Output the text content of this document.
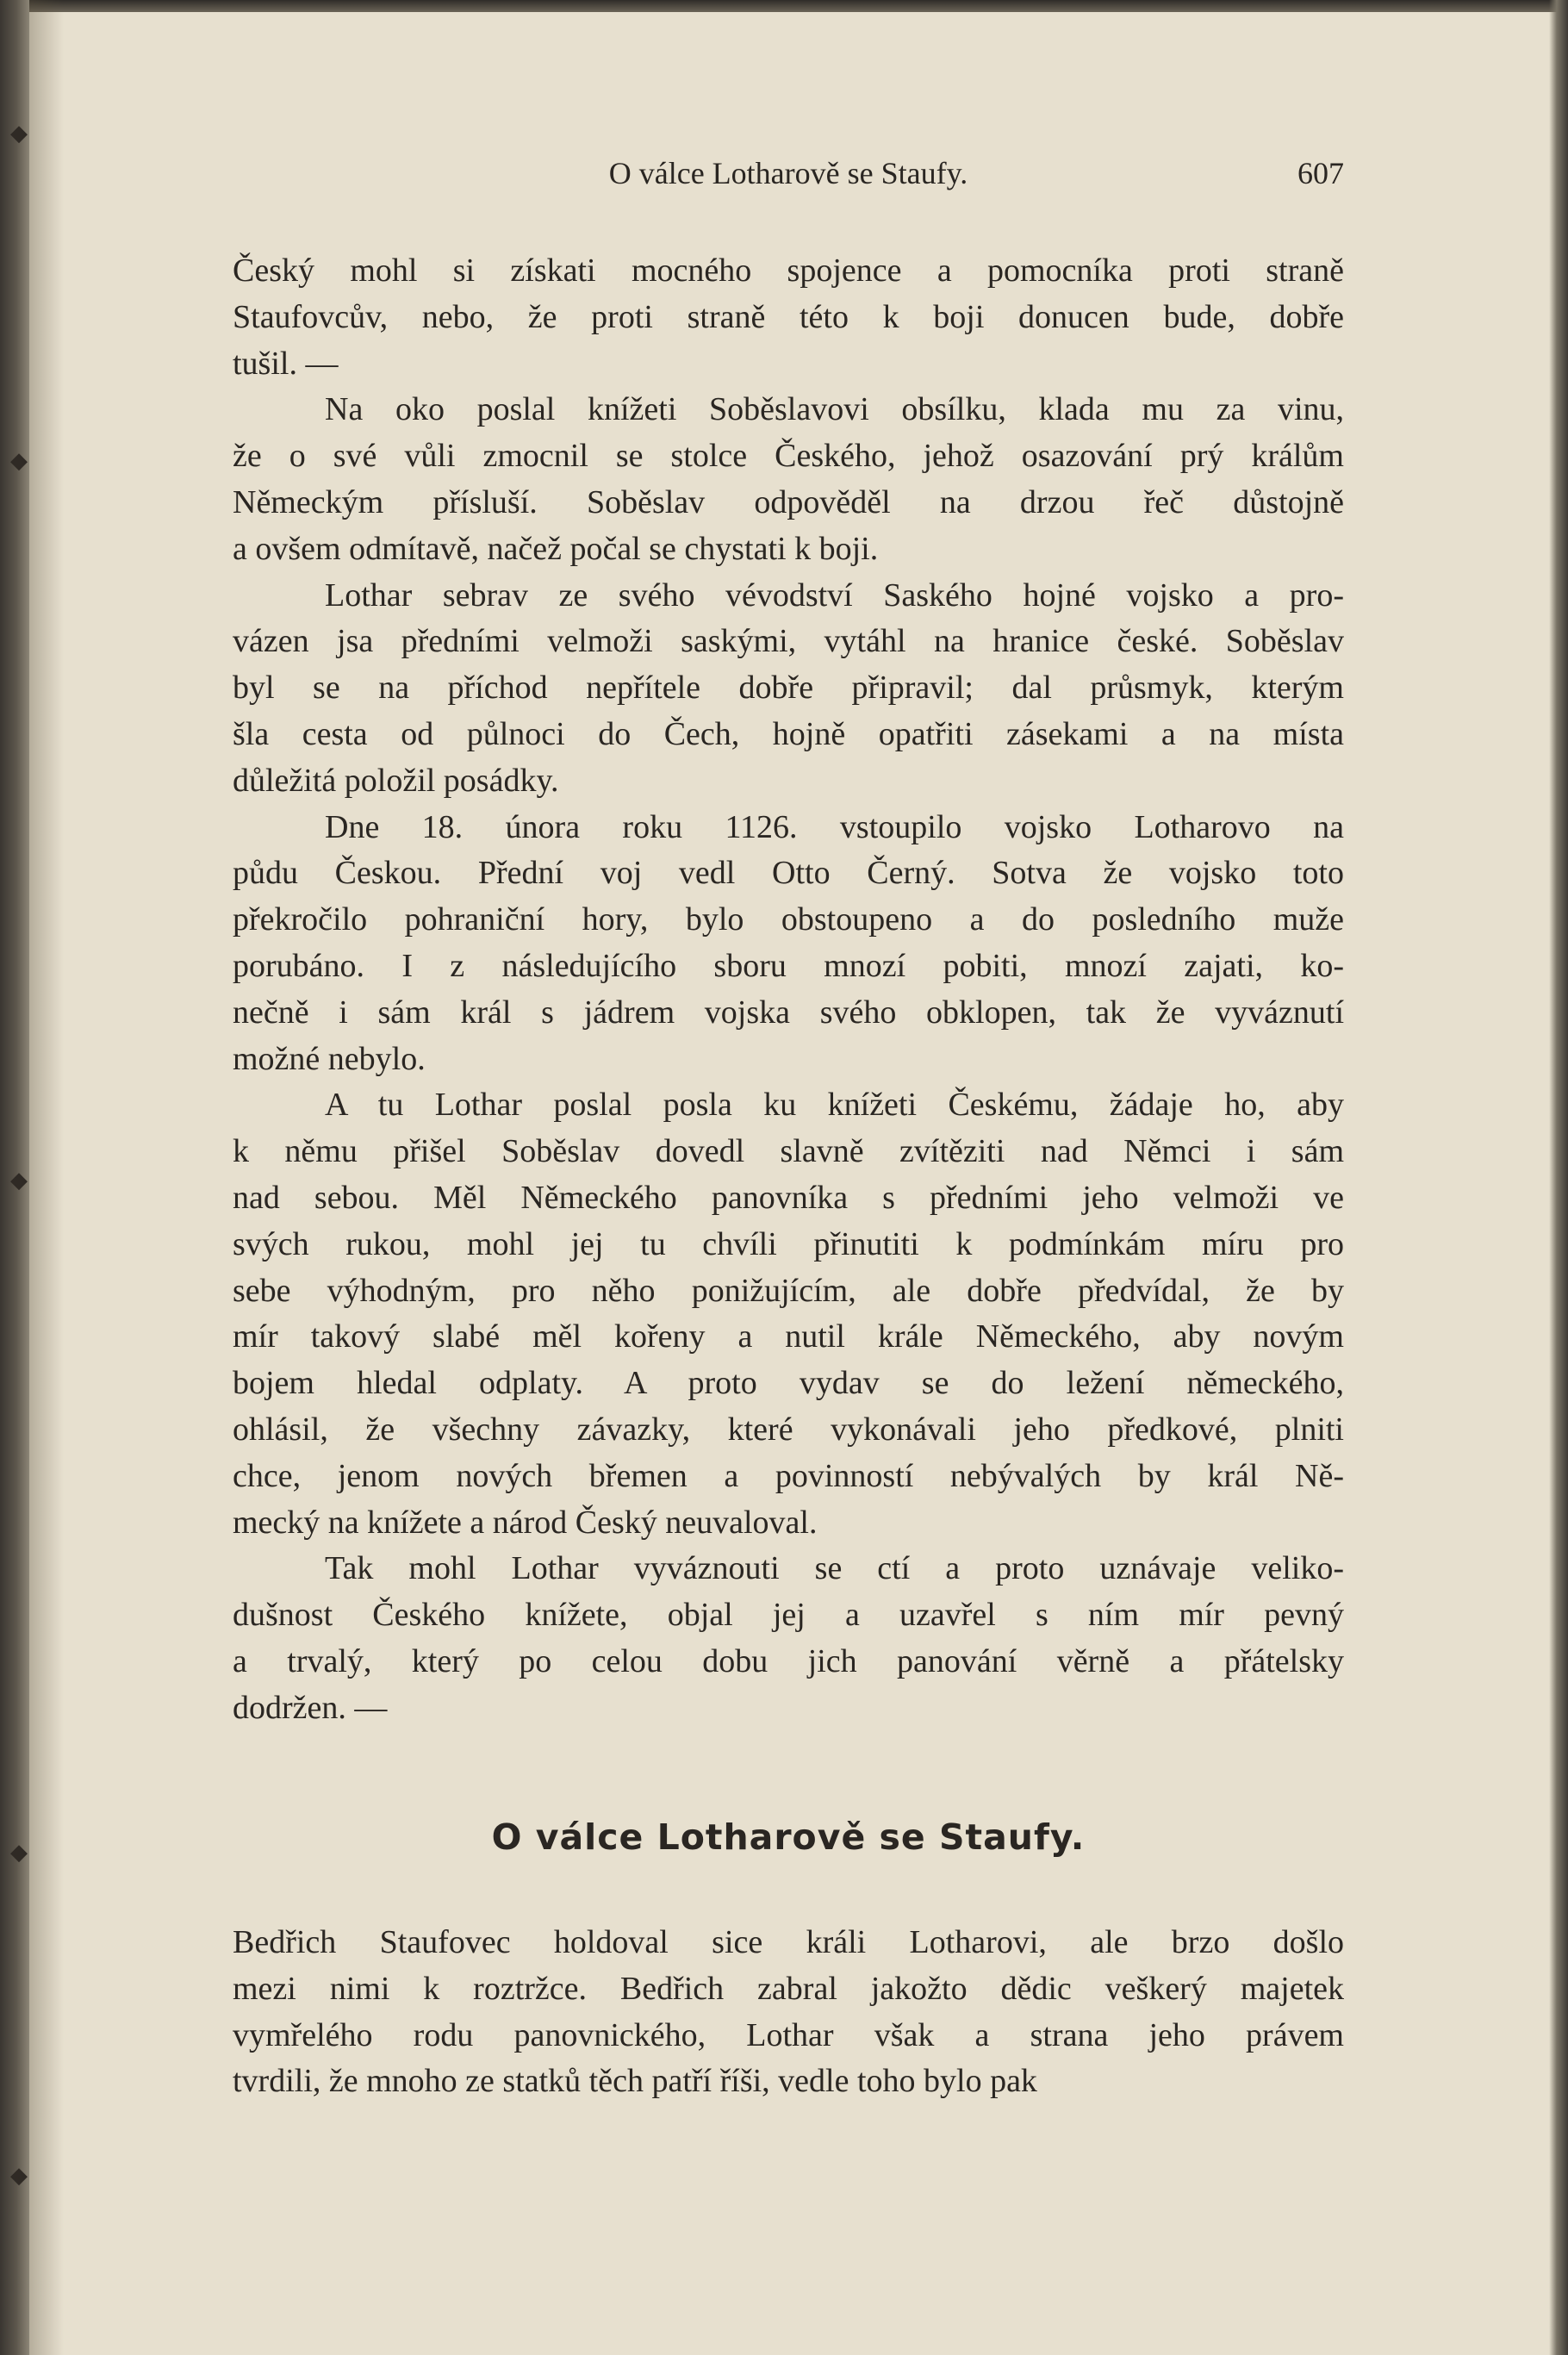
◆
◆
◆
◆
◆
O válce Lotharově se Staufy.	607

Český mohl si získati mocného spojence a pomocníka proti straně
Staufovcův, nebo, že proti straně této k boji donucen bude, dobře
tušil. —

Na oko poslal knížeti Soběslavovi obsílku, klada mu za vinu,
že o své vůli zmocnil se stolce Českého, jehož osazování prý králům
Německým přísluší. Soběslav odpověděl na drzou řeč důstojně
a ovšem odmítavě, načež počal se chystati k boji.

Lothar sebrav ze svého vévodství Saského hojné vojsko a pro-
vázen jsa předními velmoži saskými, vytáhl na hranice české. Soběslav
byl se na příchod nepřítele dobře připravil; dal průsmyk, kterým
šla cesta od půlnoci do Čech, hojně opatřiti zásekami a na místa
důležitá položil posádky.

Dne 18. února roku 1126. vstoupilo vojsko Lotharovo na
půdu Českou. Přední voj vedl Otto Černý. Sotva že vojsko toto
překročilo pohraniční hory, bylo obstoupeno a do posledního muže
porubáno. I z následujícího sboru mnozí pobiti, mnozí zajati, ko-
nečně i sám král s jádrem vojska svého obklopen, tak že vyváznutí
možné nebylo.

A tu Lothar poslal posla ku knížeti Českému, žádaje ho, aby
k němu přišel Soběslav dovedl slavně zvítěziti nad Němci i sám
nad sebou. Měl Německého panovníka s předními jeho velmoži ve
svých rukou, mohl jej tu chvíli přinutiti k podmínkám míru pro
sebe výhodným, pro něho ponižujícím, ale dobře předvídal, že by
mír takový slabé měl kořeny a nutil krále Německého, aby novým
bojem hledal odplaty. A proto vydav se do ležení německého,
ohlásil, že všechny závazky, které vykonávali jeho předkové, plniti
chce, jenom nových břemen a povinností nebývalých by král Ně-
mecký na knížete a národ Český neuvaloval.

Tak mohl Lothar vyváznouti se ctí a proto uznávaje veliko-
dušnost Českého knížete, objal jej a uzavřel s ním mír pevný
a trvalý, který po celou dobu jich panování věrně a přátelsky
dodržen. —

O válce Lotharově se Staufy.

Bedřich Staufovec holdoval sice králi Lotharovi, ale brzo došlo
mezi nimi k roztržce. Bedřich zabral jakožto dědic veškerý majetek
vymřelého rodu panovnického, Lothar však a strana jeho právem
tvrdili, že mnoho ze statků těch patří říši, vedle toho bylo pak
